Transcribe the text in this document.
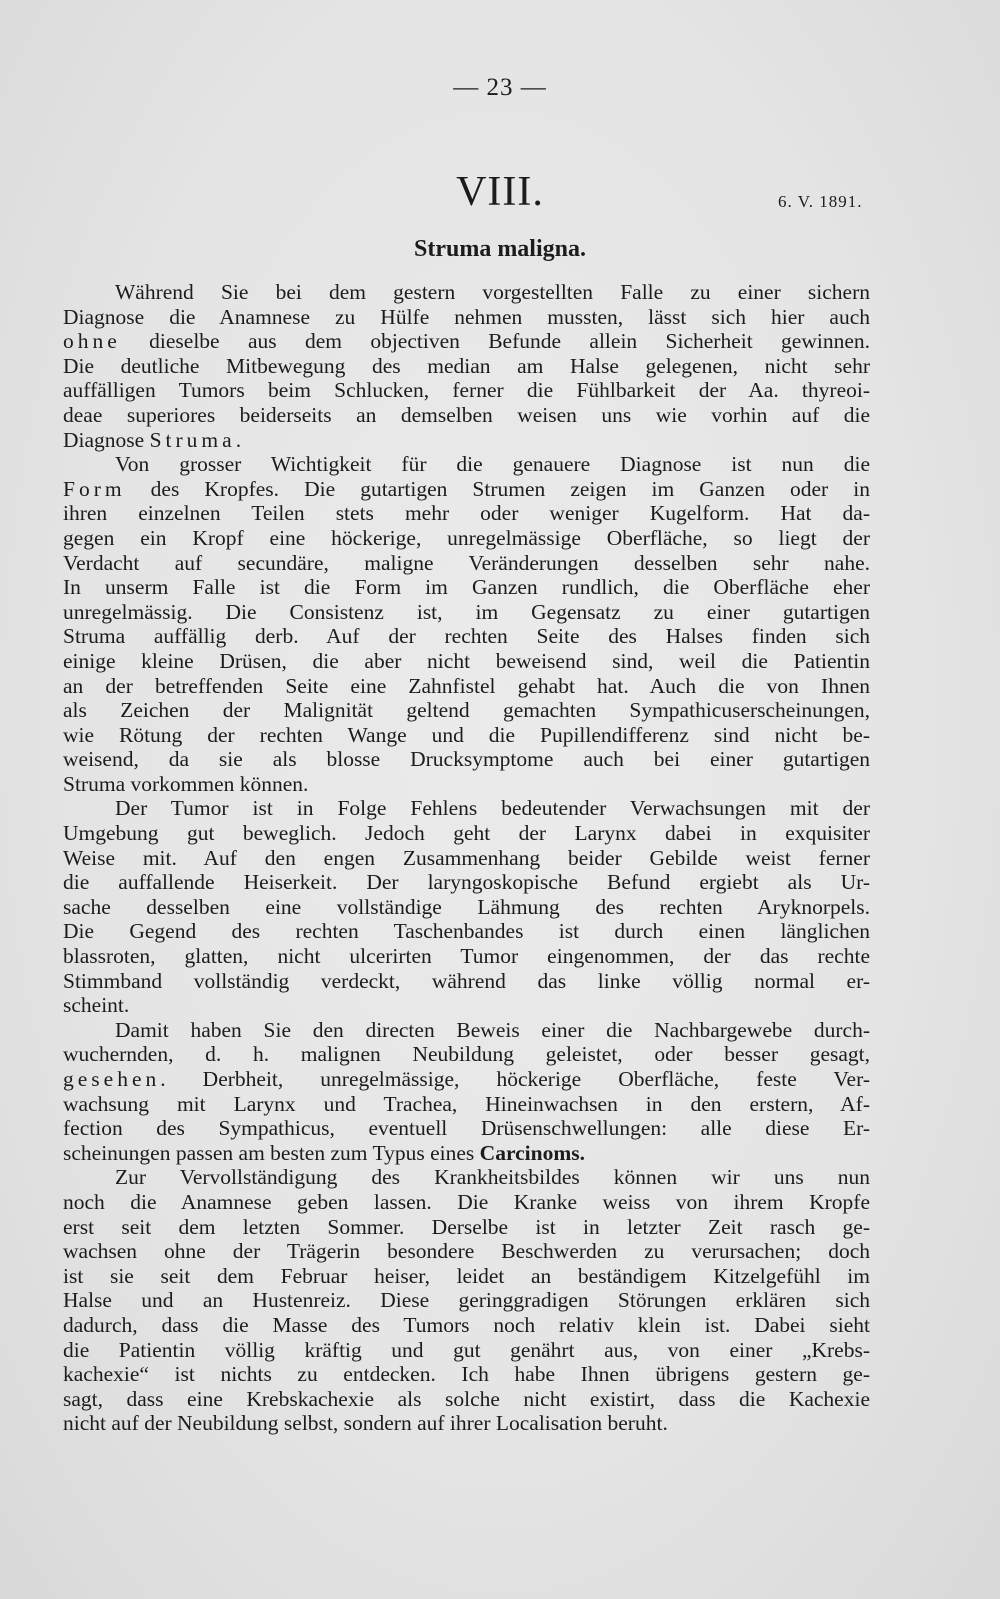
— 23 —
VIII.	6. V. 1891.
Struma maligna.
Während Sie bei dem gestern vorgestellten Falle zu einer sichern
Diagnose die Anamnese zu Hülfe nehmen mussten, lässt sich hier auch
ohne dieselbe aus dem objectiven Befunde allein Sicherheit gewinnen.
Die deutliche Mitbewegung des median am Halse gelegenen, nicht sehr
auffälligen Tumors beim Schlucken, ferner die Fühlbarkeit der Aa. thyreoi-
deae superiores beiderseits an demselben weisen uns wie vorhin auf die
Diagnose Struma.
Von grosser Wichtigkeit für die genauere Diagnose ist nun die
Form des Kropfes. Die gutartigen Strumen zeigen im Ganzen oder in
ihren einzelnen Teilen stets mehr oder weniger Kugelform. Hat da-
gegen ein Kropf eine höckerige, unregelmässige Oberfläche, so liegt der
Verdacht auf secundäre, maligne Veränderungen desselben sehr nahe.
In unserm Falle ist die Form im Ganzen rundlich, die Oberfläche eher
unregelmässig. Die Consistenz ist, im Gegensatz zu einer gutartigen
Struma auffällig derb. Auf der rechten Seite des Halses finden sich
einige kleine Drüsen, die aber nicht beweisend sind, weil die Patientin
an der betreffenden Seite eine Zahnfistel gehabt hat. Auch die von Ihnen
als Zeichen der Malignität geltend gemachten Sympathicuserscheinungen,
wie Rötung der rechten Wange und die Pupillendifferenz sind nicht be-
weisend, da sie als blosse Drucksymptome auch bei einer gutartigen
Struma vorkommen können.
Der Tumor ist in Folge Fehlens bedeutender Verwachsungen mit der
Umgebung gut beweglich. Jedoch geht der Larynx dabei in exquisiter
Weise mit. Auf den engen Zusammenhang beider Gebilde weist ferner
die auffallende Heiserkeit. Der laryngoskopische Befund ergiebt als Ur-
sache desselben eine vollständige Lähmung des rechten Aryknorpels.
Die Gegend des rechten Taschenbandes ist durch einen länglichen
blassroten, glatten, nicht ulcerirten Tumor eingenommen, der das rechte
Stimmband vollständig verdeckt, während das linke völlig normal er-
scheint.
Damit haben Sie den directen Beweis einer die Nachbargewebe durch-
wuchernden, d. h. malignen Neubildung geleistet, oder besser gesagt,
gesehen. Derbheit, unregelmässige, höckerige Oberfläche, feste Ver-
wachsung mit Larynx und Trachea, Hineinwachsen in den erstern, Af-
fection des Sympathicus, eventuell Drüsenschwellungen: alle diese Er-
scheinungen passen am besten zum Typus eines Carcinoms.
Zur Vervollständigung des Krankheitsbildes können wir uns nun
noch die Anamnese geben lassen. Die Kranke weiss von ihrem Kropfe
erst seit dem letzten Sommer. Derselbe ist in letzter Zeit rasch ge-
wachsen ohne der Trägerin besondere Beschwerden zu verursachen; doch
ist sie seit dem Februar heiser, leidet an beständigem Kitzelgefühl im
Halse und an Hustenreiz. Diese geringgradigen Störungen erklären sich
dadurch, dass die Masse des Tumors noch relativ klein ist. Dabei sieht
die Patientin völlig kräftig und gut genährt aus, von einer „Krebs-
kachexie“ ist nichts zu entdecken. Ich habe Ihnen übrigens gestern ge-
sagt, dass eine Krebskachexie als solche nicht existirt, dass die Kachexie
nicht auf der Neubildung selbst, sondern auf ihrer Localisation beruht.
